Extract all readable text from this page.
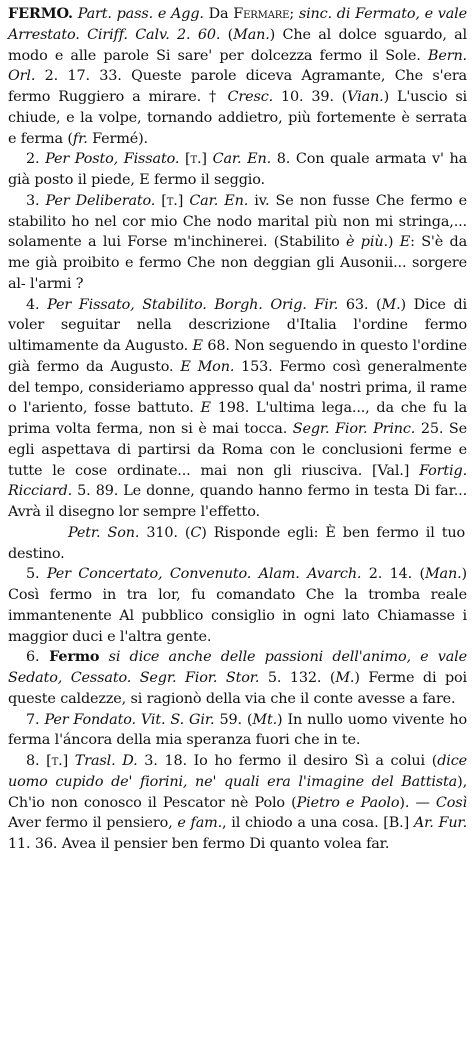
FERMO. Part. pass. e Agg. Da Fermare; sinc. di Fermato, e vale Arrestato. Ciriff. Calv. 2. 60. (Man.) Che al dolce sguardo, al modo e alle parole Si sare' per dolcezza fermo il Sole. Bern. Orl. 2. 17. 33. Queste parole diceva Agramante, Che s'era fermo Ruggiero a mirare. † Cresc. 10. 39. (Vian.) L'uscio si chiude, e la volpe, tornando addietro, più fortemente è serrata e ferma (fr. Fermé).

2. Per Posto, Fissato. [t.] Car. En. 8. Con quale armata v' ha già posto il piede, E fermo il seggio.

3. Per Deliberato. [t.] Car. En. iv. Se non fusse Che fermo e stabilito ho nel cor mio Che nodo marital più non mi stringa,... solamente a lui Forse m'inchinerei. (Stabilito è più.) E: S'è da me già proibito e fermo Che non deggian gli Ausonii... sorgere al- l'armi ?

4. Per Fissato, Stabilito. Borgh. Orig. Fir. 63. (M.) Dice di voler seguitar nella descrizione d'Italia l'ordine fermo ultimamente da Augusto. E 68. Non seguendo in questo l'ordine già fermo da Augusto. E Mon. 153. Fermo così generalmente del tempo, consideriamo appresso qual da' nostri prima, il rame o l'ariento, fosse battuto. E 198. L'ultima lega..., da che fu la prima volta ferma, non si è mai tocca. Segr. Fior. Princ. 25. Se egli aspettava di partirsi da Roma con le conclusioni ferme e tutte le cose ordinate... mai non gli riusciva. [Val.] Fortig. Ricciard. 5. 89. Le donne, quando hanno fermo in testa Di far... Avrà il disegno lor sempre l'effetto.

Petr. Son. 310. (C) Risponde egli: È ben fermo il tuo destino.

5. Per Concertato, Convenuto. Alam. Avarch. 2. 14. (Man.) Così fermo in tra lor, fu comandato Che la tromba reale immantenente Al pubblico consiglio in ogni lato Chiamasse i maggior duci e l'altra gente.

6. Fermo si dice anche delle passioni dell'animo, e vale Sedato, Cessato. Segr. Fior. Stor. 5. 132. (M.) Ferme di poi queste caldezze, si ragionò della via che il conte avesse a fare.

7. Per Fondato. Vit. S. Gir. 59. (Mt.) In nullo uomo vivente ho ferma l'áncora della mia speranza fuori che in te.

8. [t.] Trasl. D. 3. 18. Io ho fermo il desiro Sì a colui (dice uomo cupido de' fiorini, ne' quali era l'imagine del Battista), Ch'io non conosco il Pescator nè Polo (Pietro e Paolo). — Così Aver fermo il pensiero, e fam., il chiodo a una cosa. [B.] Ar. Fur. 11. 36. Avea il pensier ben fermo Di quanto volea far.
